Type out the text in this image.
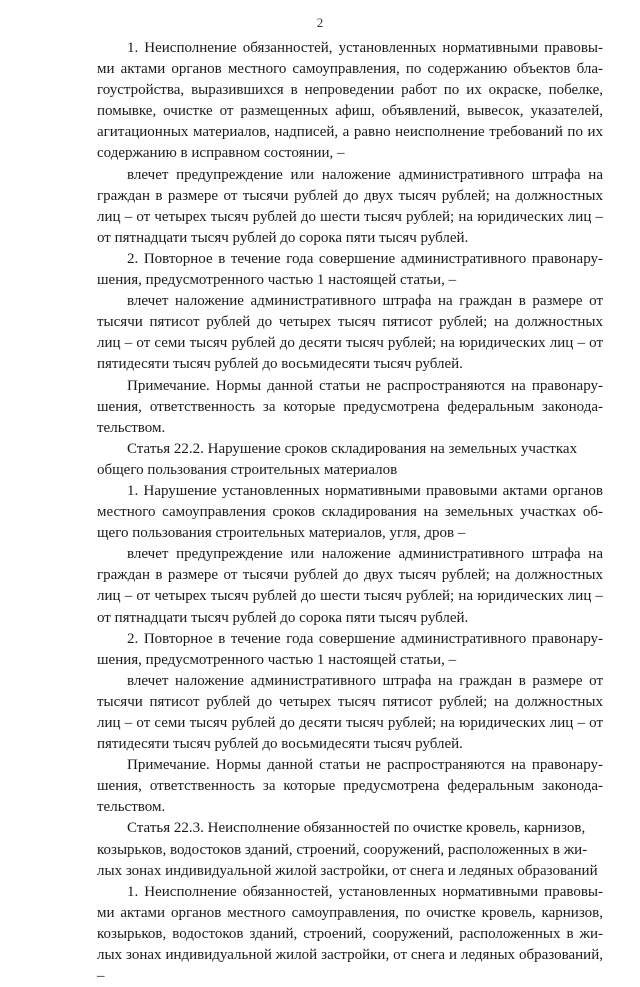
2

1. Неисполнение обязанностей, установленных нормативными правовыми актами органов местного самоуправления, по содержанию объектов благоустройства, выразившихся в непроведении работ по их окраске, побелке, помывке, очистке от размещенных афиш, объявлений, вывесок, указателей, агитационных материалов, надписей, а равно неисполнение требований по их содержанию в исправном состоянии, –

влечет предупреждение или наложение административного штрафа на граждан в размере от тысячи рублей до двух тысяч рублей; на должностных лиц – от четырех тысяч рублей до шести тысяч рублей; на юридических лиц – от пятнадцати тысяч рублей до сорока пяти тысяч рублей.

2. Повторное в течение года совершение административного правонарушения, предусмотренного частью 1 настоящей статьи, –

влечет наложение административного штрафа на граждан в размере от тысячи пятисот рублей до четырех тысяч пятисот рублей; на должностных лиц – от семи тысяч рублей до десяти тысяч рублей; на юридических лиц – от пятидесяти тысяч рублей до восьмидесяти тысяч рублей.

Примечание. Нормы данной статьи не распространяются на правонарушения, ответственность за которые предусмотрена федеральным законодательством.

Статья 22.2. Нарушение сроков складирования на земельных участках общего пользования строительных материалов

1. Нарушение установленных нормативными правовыми актами органов местного самоуправления сроков складирования на земельных участках общего пользования строительных материалов, угля, дров –

влечет предупреждение или наложение административного штрафа на граждан в размере от тысячи рублей до двух тысяч рублей; на должностных лиц – от четырех тысяч рублей до шести тысяч рублей; на юридических лиц – от пятнадцати тысяч рублей до сорока пяти тысяч рублей.

2. Повторное в течение года совершение административного правонарушения, предусмотренного частью 1 настоящей статьи, –

влечет наложение административного штрафа на граждан в размере от тысячи пятисот рублей до четырех тысяч пятисот рублей; на должностных лиц – от семи тысяч рублей до десяти тысяч рублей; на юридических лиц – от пятидесяти тысяч рублей до восьмидесяти тысяч рублей.

Примечание. Нормы данной статьи не распространяются на правонарушения, ответственность за которые предусмотрена федеральным законодательством.

Статья 22.3. Неисполнение обязанностей по очистке кровель, карнизов, козырьков, водостоков зданий, строений, сооружений, расположенных в жилых зонах индивидуальной жилой застройки, от снега и ледяных образований

1. Неисполнение обязанностей, установленных нормативными правовыми актами органов местного самоуправления, по очистке кровель, карнизов, козырьков, водостоков зданий, строений, сооружений, расположенных в жилых зонах индивидуальной жилой застройки, от снега и ледяных образований, –
